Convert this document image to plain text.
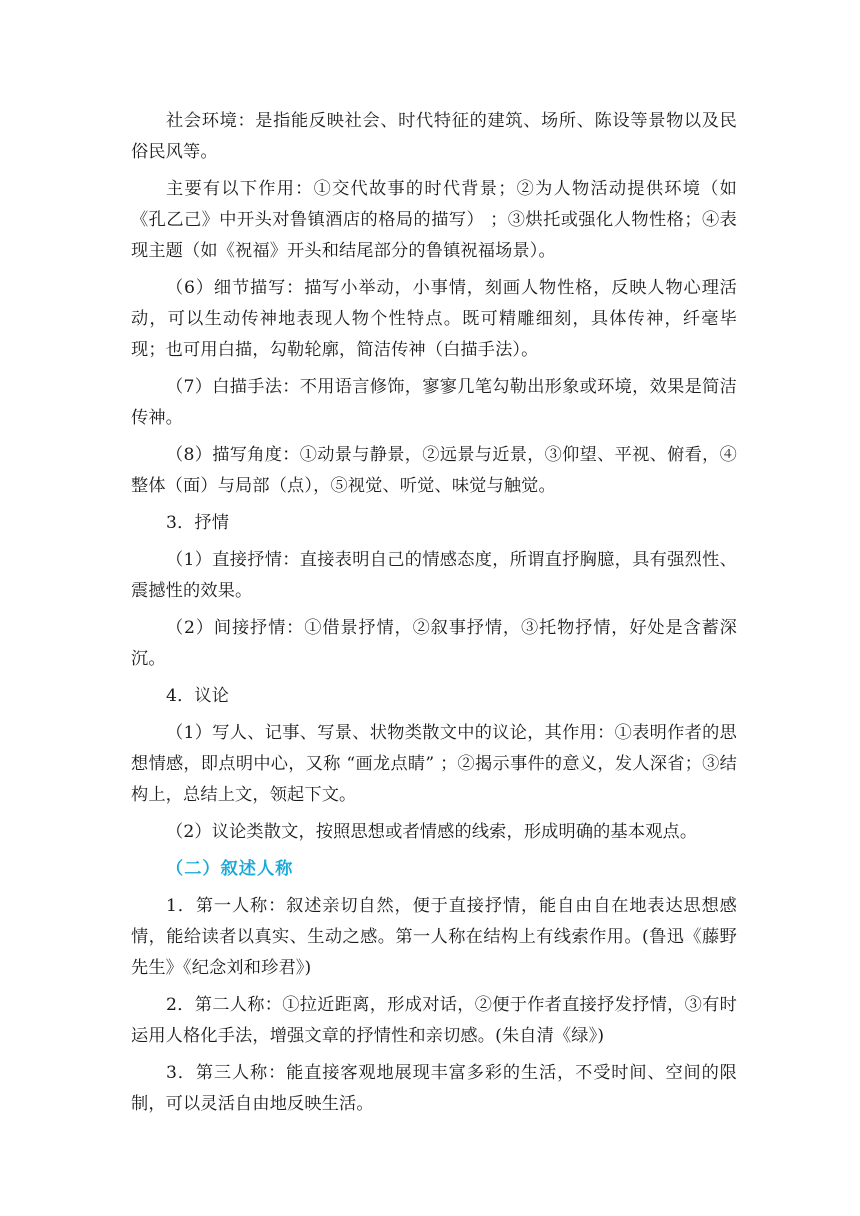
社会环境：是指能反映社会、时代特征的建筑、场所、陈设等景物以及民俗民风等。

主要有以下作用：①交代故事的时代背景；②为人物活动提供环境（如《孔乙己》中开头对鲁镇酒店的格局的描写） ；③烘托或强化人物性格；④表现主题（如《祝福》开头和结尾部分的鲁镇祝福场景）。

（6）细节描写：描写小举动，小事情，刻画人物性格，反映人物心理活动，可以生动传神地表现人物个性特点。既可精雕细刻，具体传神，纤毫毕现；也可用白描，勾勒轮廓，简洁传神（白描手法）。

（7）白描手法：不用语言修饰，寥寥几笔勾勒出形象或环境，效果是简洁传神。

（8）描写角度：①动景与静景，②远景与近景，③仰望、平视、俯看，④整体（面）与局部（点），⑤视觉、听觉、味觉与触觉。

3．抒情

（1）直接抒情：直接表明自己的情感态度，所谓直抒胸臆，具有强烈性、震撼性的效果。

（2）间接抒情：①借景抒情，②叙事抒情，③托物抒情，好处是含蓄深沉。

4．议论

（1）写人、记事、写景、状物类散文中的议论，其作用：①表明作者的思想情感，即点明中心，又称 “画龙点睛” ；②揭示事件的意义，发人深省；③结构上，总结上文，领起下文。

（2）议论类散文，按照思想或者情感的线索，形成明确的基本观点。

（二）叙述人称

1．第一人称：叙述亲切自然，便于直接抒情，能自由自在地表达思想感情，能给读者以真实、生动之感。第一人称在结构上有线索作用。(鲁迅《藤野先生》《纪念刘和珍君》)

2．第二人称：①拉近距离，形成对话，②便于作者直接抒发抒情，③有时运用人格化手法，增强文章的抒情性和亲切感。(朱自清《绿》)

3．第三人称：能直接客观地展现丰富多彩的生活，不受时间、空间的限制，可以灵活自由地反映生活。
